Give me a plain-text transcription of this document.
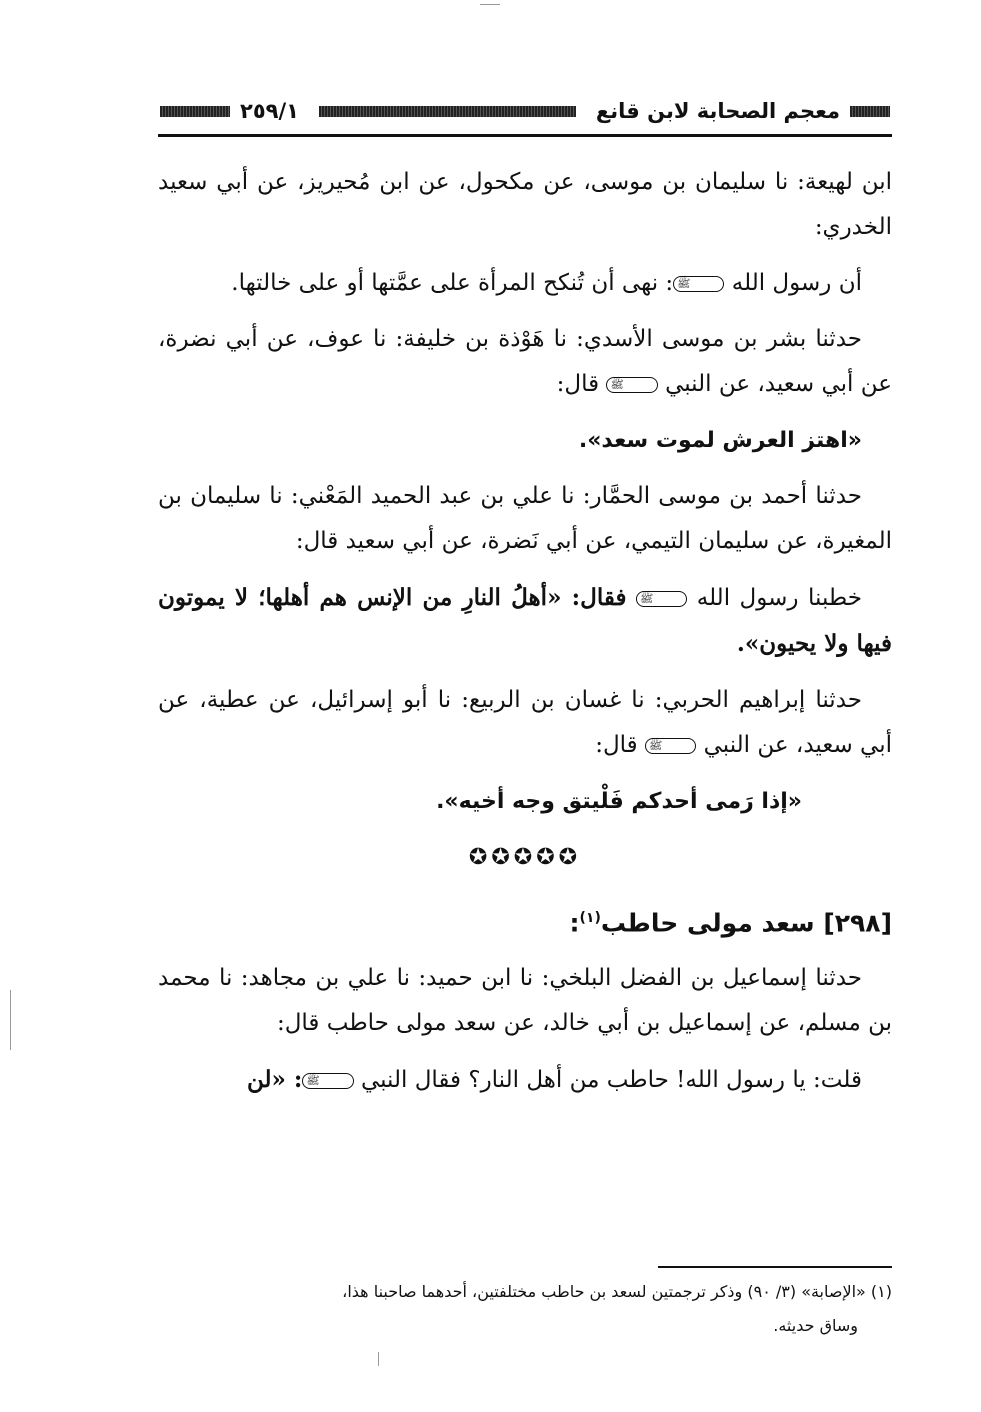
٢٥٩/١	معجم الصحابة لابن قانع

ابن لهيعة: نا سليمان بن موسى، عن مكحول، عن ابن مُحيريز، عن أبي سعيد الخدري:

أن رسول الله ﷺ: نهى أن تُنكح المرأة على عمَّتها أو على خالتها.

حدثنا بشر بن موسى الأسدي: نا هَوْذة بن خليفة: نا عوف، عن أبي نضرة، عن أبي سعيد، عن النبي ﷺ قال:

«اهتز العرش لموت سعد».

حدثنا أحمد بن موسى الحمَّار: نا علي بن عبد الحميد المَعْني: نا سليمان بن المغيرة، عن سليمان التيمي، عن أبي نَضرة، عن أبي سعيد قال:

خطبنا رسول الله ﷺ فقال: «أهلُ النارِ من الإنس هم أهلها؛ لا يموتون فيها ولا يحيون».

حدثنا إبراهيم الحربي: نا غسان بن الربيع: نا أبو إسرائيل، عن عطية، عن أبي سعيد، عن النبي ﷺ قال:

«إذا رَمى أحدكم فَلْيتق وجه أخيه».

✪✪✪✪✪

[٢٩٨] سعد مولى حاطب$^{(١)}$:

حدثنا إسماعيل بن الفضل البلخي: نا ابن حميد: نا علي بن مجاهد: نا محمد بن مسلم، عن إسماعيل بن أبي خالد، عن سعد مولى حاطب قال:

قلت: يا رسول الله! حاطب من أهل النار؟ فقال النبي ﷺ: «لن

(١) «الإصابة» (٣/ ٩٠) وذكر ترجمتين لسعد بن حاطب مختلفتين، أحدهما صاحبنا هذا،

وساق حديثه.
